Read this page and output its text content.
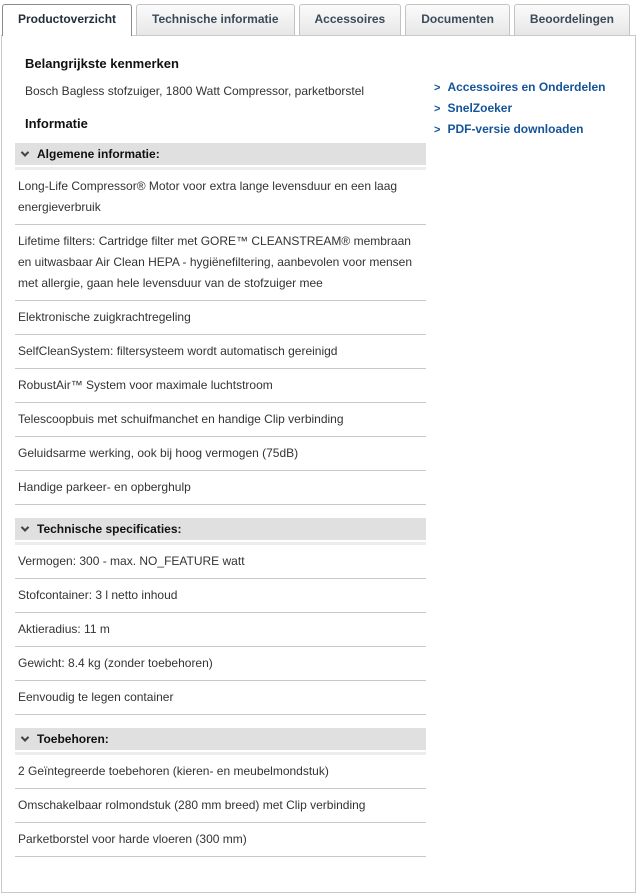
Productoverzicht	Technische informatie	Accessoires	Documenten	Beoordelingen
Belangrijkste kenmerken
Bosch Bagless stofzuiger, 1800 Watt Compressor, parketborstel
Informatie
Algemene informatie:
Long-Life Compressor® Motor voor extra lange levensduur en een laag energieverbruik
Lifetime filters: Cartridge filter met GORE™ CLEANSTREAM® membraan en uitwasbaar Air Clean HEPA - hygiënefiltering, aanbevolen voor mensen met allergie, gaan hele levensduur van de stofzuiger mee
Elektronische zuigkrachtregeling
SelfCleanSystem: filtersysteem wordt automatisch gereinigd
RobustAir™ System voor maximale luchtstroom
Telescoopbuis met schuifmanchet en handige Clip verbinding
Geluidsarme werking, ook bij hoog vermogen (75dB)
Handige parkeer- en opberghulp
Technische specificaties:
Vermogen: 300 - max. NO_FEATURE watt
Stofcontainer: 3 l netto inhoud
Aktieradius: 11 m
Gewicht: 8.4 kg (zonder toebehoren)
Eenvoudig te legen container
Toebehoren:
2 Geïntegreerde toebehoren (kieren- en meubelmondstuk)
Omschakelbaar rolmondstuk (280 mm breed) met Clip verbinding
Parketborstel voor harde vloeren (300 mm)
> Accessoires en Onderdelen
> SnelZoeker
> PDF-versie downloaden
